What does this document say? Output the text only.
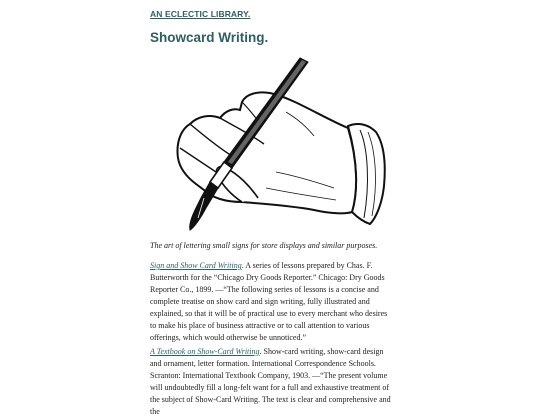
AN ECLECTIC LIBRARY.
Showcard Writing.
The art of lettering small signs for store displays and similar purposes.

Sign and Show Card Writing. A series of lessons prepared by Chas. F. Butterworth for the “Chicago Dry Goods Reporter.” Chicago: Dry Goods Reporter Co., 1899. —“The following series of lessons is a concise and complete treatise on show card and sign writing, fully illustrated and explained, so that it will be of practical use to every merchant who desires to make his place of business attractive or to call attention to various offerings, which would otherwise be unnoticed.”

A Textbook on Show-Card Writing. Show-card writing, show-card design and ornament, letter formation. International Correspondence Schools. Scranton: International Textbook Company, 1903. —“The present volume will undoubtedly fill a long-felt want for a full and exhaustive treatment of the subject of Show-Card Writing. The text is clear and comprehensive and the
